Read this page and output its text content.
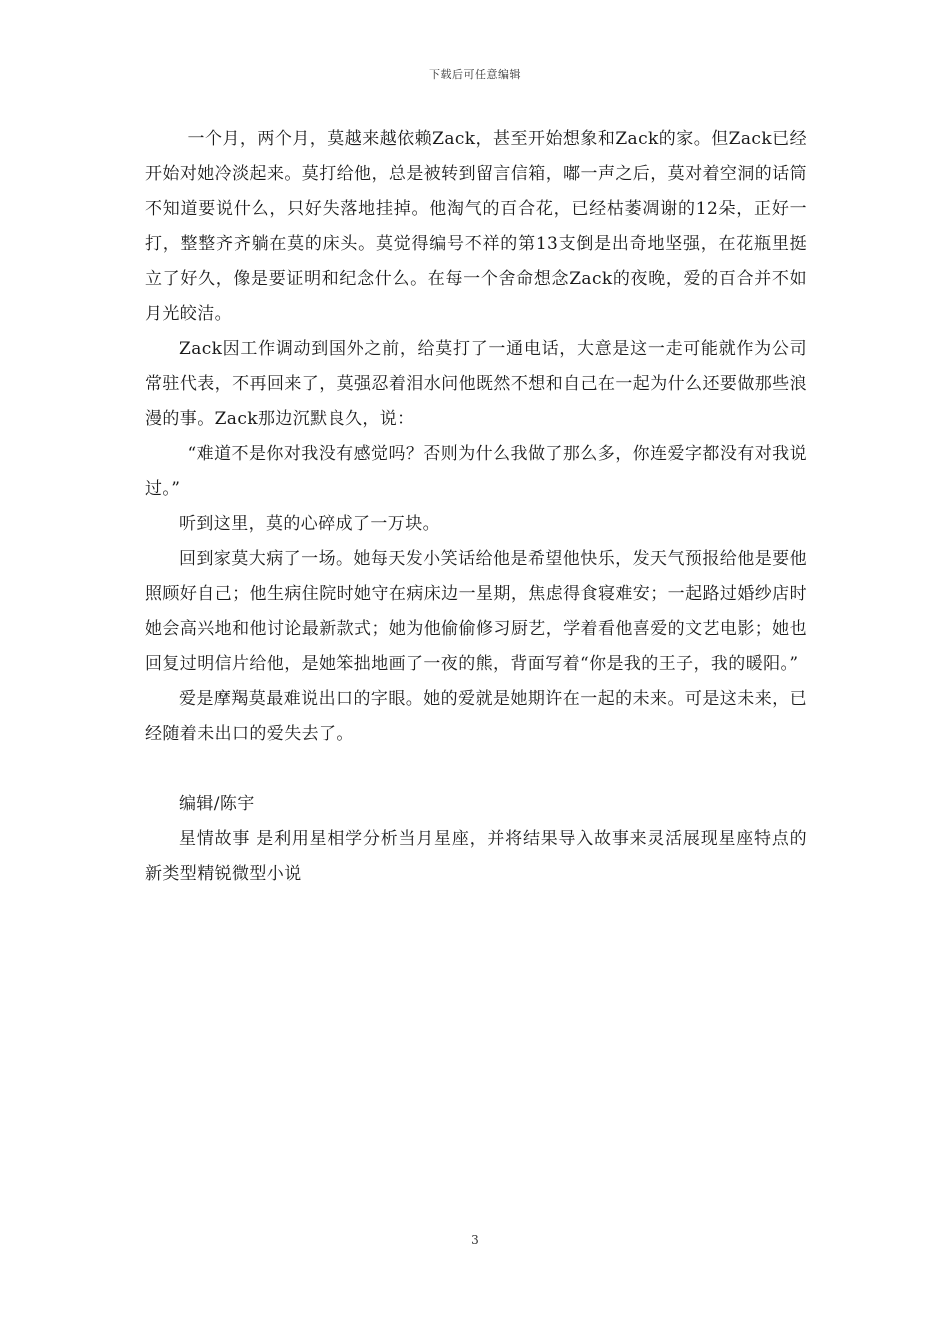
下载后可任意编辑

一个月，两个月，莫越来越依赖Zack，甚至开始想象和Zack的家。但Zack已经开始对她冷淡起来。莫打给他，总是被转到留言信箱，嘟一声之后，莫对着空洞的话筒不知道要说什么，只好失落地挂掉。他淘气的百合花，已经枯萎凋谢的12朵，正好一打，整整齐齐躺在莫的床头。莫觉得编号不祥的第13支倒是出奇地坚强，在花瓶里挺立了好久，像是要证明和纪念什么。在每一个舍命想念Zack的夜晚，爱的百合并不如月光皎洁。

Zack因工作调动到国外之前，给莫打了一通电话，大意是这一走可能就作为公司常驻代表，不再回来了，莫强忍着泪水问他既然不想和自己在一起为什么还要做那些浪漫的事。Zack那边沉默良久，说：

“难道不是你对我没有感觉吗？否则为什么我做了那么多，你连爱字都没有对我说过。”

听到这里，莫的心碎成了一万块。

回到家莫大病了一场。她每天发小笑话给他是希望他快乐，发天气预报给他是要他照顾好自己；他生病住院时她守在病床边一星期，焦虑得食寝难安；一起路过婚纱店时她会高兴地和他讨论最新款式；她为他偷偷修习厨艺，学着看他喜爱的文艺电影；她也回复过明信片给他，是她笨拙地画了一夜的熊，背面写着“你是我的王子，我的暖阳。”

爱是摩羯莫最难说出口的字眼。她的爱就是她期许在一起的未来。可是这未来，已经随着未出口的爱失去了。

编辑/陈宇

星情故事 是利用星相学分析当月星座，并将结果导入故事来灵活展现星座特点的新类型精锐微型小说

3
